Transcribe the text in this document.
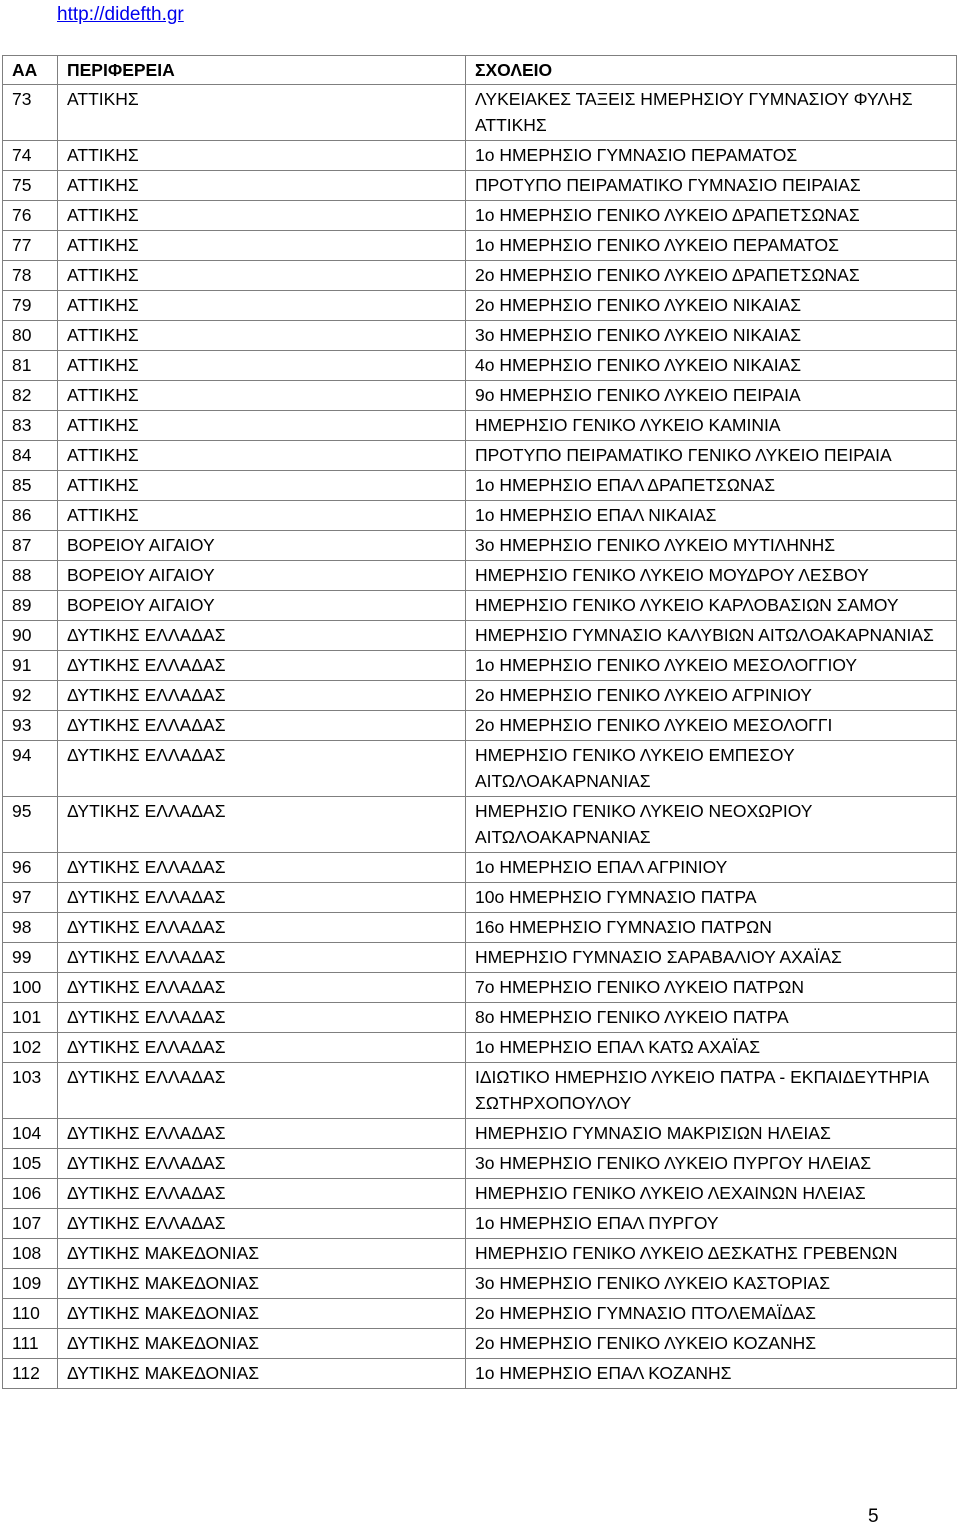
http://didefth.gr
ΑΑ	ΠΕΡΙΦΕΡΕΙΑ	ΣΧΟΛΕΙΟ
73	ΑΤΤΙΚΗΣ	ΛΥΚΕΙΑΚΕΣ ΤΑΞΕΙΣ ΗΜΕΡΗΣΙΟΥ ΓΥΜΝΑΣΙΟΥ ΦΥΛΗΣ ΑΤΤΙΚΗΣ
74	ΑΤΤΙΚΗΣ	1ο ΗΜΕΡΗΣΙΟ ΓΥΜΝΑΣΙΟ ΠΕΡΑΜΑΤΟΣ
75	ΑΤΤΙΚΗΣ	ΠΡΟΤΥΠΟ ΠΕΙΡΑΜΑΤΙΚΟ ΓΥΜΝΑΣΙΟ ΠΕΙΡΑΙΑΣ
76	ΑΤΤΙΚΗΣ	1ο ΗΜΕΡΗΣΙΟ ΓΕΝΙΚΟ ΛΥΚΕΙΟ ΔΡΑΠΕΤΣΩΝΑΣ
77	ΑΤΤΙΚΗΣ	1ο ΗΜΕΡΗΣΙΟ ΓΕΝΙΚΟ ΛΥΚΕΙΟ ΠΕΡΑΜΑΤΟΣ
78	ΑΤΤΙΚΗΣ	2ο ΗΜΕΡΗΣΙΟ ΓΕΝΙΚΟ ΛΥΚΕΙΟ ΔΡΑΠΕΤΣΩΝΑΣ
79	ΑΤΤΙΚΗΣ	2ο ΗΜΕΡΗΣΙΟ ΓΕΝΙΚΟ ΛΥΚΕΙΟ ΝΙΚΑΙΑΣ
80	ΑΤΤΙΚΗΣ	3ο ΗΜΕΡΗΣΙΟ ΓΕΝΙΚΟ ΛΥΚΕΙΟ ΝΙΚΑΙΑΣ
81	ΑΤΤΙΚΗΣ	4ο ΗΜΕΡΗΣΙΟ ΓΕΝΙΚΟ ΛΥΚΕΙΟ ΝΙΚΑΙΑΣ
82	ΑΤΤΙΚΗΣ	9ο ΗΜΕΡΗΣΙΟ ΓΕΝΙΚΟ ΛΥΚΕΙΟ ΠΕΙΡΑΙΑ
83	ΑΤΤΙΚΗΣ	ΗΜΕΡΗΣΙΟ ΓΕΝΙΚΟ ΛΥΚΕΙΟ ΚΑΜΙΝΙΑ
84	ΑΤΤΙΚΗΣ	ΠΡΟΤΥΠΟ ΠΕΙΡΑΜΑΤΙΚΟ ΓΕΝΙΚΟ ΛΥΚΕΙΟ ΠΕΙΡΑΙΑ
85	ΑΤΤΙΚΗΣ	1ο ΗΜΕΡΗΣΙΟ ΕΠΑΛ ΔΡΑΠΕΤΣΩΝΑΣ
86	ΑΤΤΙΚΗΣ	1ο ΗΜΕΡΗΣΙΟ ΕΠΑΛ ΝΙΚΑΙΑΣ
87	ΒΟΡΕΙΟΥ ΑΙΓΑΙΟΥ	3ο ΗΜΕΡΗΣΙΟ ΓΕΝΙΚΟ ΛΥΚΕΙΟ ΜΥΤΙΛΗΝΗΣ
88	ΒΟΡΕΙΟΥ ΑΙΓΑΙΟΥ	ΗΜΕΡΗΣΙΟ ΓΕΝΙΚΟ ΛΥΚΕΙΟ ΜΟΥΔΡΟΥ ΛΕΣΒΟΥ
89	ΒΟΡΕΙΟΥ ΑΙΓΑΙΟΥ	ΗΜΕΡΗΣΙΟ ΓΕΝΙΚΟ ΛΥΚΕΙΟ ΚΑΡΛΟΒΑΣΙΩΝ ΣΑΜΟΥ
90	ΔΥΤΙΚΗΣ ΕΛΛΑΔΑΣ	ΗΜΕΡΗΣΙΟ ΓΥΜΝΑΣΙΟ ΚΑΛΥΒΙΩΝ ΑΙΤΩΛΟΑΚΑΡΝΑΝΙΑΣ
91	ΔΥΤΙΚΗΣ ΕΛΛΑΔΑΣ	1ο ΗΜΕΡΗΣΙΟ ΓΕΝΙΚΟ ΛΥΚΕΙΟ ΜΕΣΟΛΟΓΓΙΟΥ
92	ΔΥΤΙΚΗΣ ΕΛΛΑΔΑΣ	2ο ΗΜΕΡΗΣΙΟ ΓΕΝΙΚΟ ΛΥΚΕΙΟ ΑΓΡΙΝΙΟΥ
93	ΔΥΤΙΚΗΣ ΕΛΛΑΔΑΣ	2ο ΗΜΕΡΗΣΙΟ ΓΕΝΙΚΟ ΛΥΚΕΙΟ ΜΕΣΟΛΟΓΓΙ
94	ΔΥΤΙΚΗΣ ΕΛΛΑΔΑΣ	ΗΜΕΡΗΣΙΟ ΓΕΝΙΚΟ ΛΥΚΕΙΟ ΕΜΠΕΣΟΥ ΑΙΤΩΛΟΑΚΑΡΝΑΝΙΑΣ
95	ΔΥΤΙΚΗΣ ΕΛΛΑΔΑΣ	ΗΜΕΡΗΣΙΟ ΓΕΝΙΚΟ ΛΥΚΕΙΟ ΝΕΟΧΩΡΙΟΥ ΑΙΤΩΛΟΑΚΑΡΝΑΝΙΑΣ
96	ΔΥΤΙΚΗΣ ΕΛΛΑΔΑΣ	1ο ΗΜΕΡΗΣΙΟ ΕΠΑΛ ΑΓΡΙΝΙΟΥ
97	ΔΥΤΙΚΗΣ ΕΛΛΑΔΑΣ	10ο ΗΜΕΡΗΣΙΟ ΓΥΜΝΑΣΙΟ ΠΑΤΡΑ
98	ΔΥΤΙΚΗΣ ΕΛΛΑΔΑΣ	16ο ΗΜΕΡΗΣΙΟ ΓΥΜΝΑΣΙΟ ΠΑΤΡΩΝ
99	ΔΥΤΙΚΗΣ ΕΛΛΑΔΑΣ	ΗΜΕΡΗΣΙΟ ΓΥΜΝΑΣΙΟ ΣΑΡΑΒΑΛΙΟΥ ΑΧΑΪΑΣ
100	ΔΥΤΙΚΗΣ ΕΛΛΑΔΑΣ	7ο ΗΜΕΡΗΣΙΟ ΓΕΝΙΚΟ ΛΥΚΕΙΟ ΠΑΤΡΩΝ
101	ΔΥΤΙΚΗΣ ΕΛΛΑΔΑΣ	8ο ΗΜΕΡΗΣΙΟ ΓΕΝΙΚΟ ΛΥΚΕΙΟ ΠΑΤΡΑ
102	ΔΥΤΙΚΗΣ ΕΛΛΑΔΑΣ	1ο ΗΜΕΡΗΣΙΟ ΕΠΑΛ ΚΑΤΩ ΑΧΑΪΑΣ
103	ΔΥΤΙΚΗΣ ΕΛΛΑΔΑΣ	ΙΔΙΩΤΙΚΟ ΗΜΕΡΗΣΙΟ ΛΥΚΕΙΟ ΠΑΤΡΑ - ΕΚΠΑΙΔΕΥΤΗΡΙΑ ΣΩΤΗΡΧΟΠΟΥΛΟΥ
104	ΔΥΤΙΚΗΣ ΕΛΛΑΔΑΣ	ΗΜΕΡΗΣΙΟ ΓΥΜΝΑΣΙΟ ΜΑΚΡΙΣΙΩΝ ΗΛΕΙΑΣ
105	ΔΥΤΙΚΗΣ ΕΛΛΑΔΑΣ	3ο ΗΜΕΡΗΣΙΟ ΓΕΝΙΚΟ ΛΥΚΕΙΟ ΠΥΡΓΟΥ ΗΛΕΙΑΣ
106	ΔΥΤΙΚΗΣ ΕΛΛΑΔΑΣ	ΗΜΕΡΗΣΙΟ ΓΕΝΙΚΟ ΛΥΚΕΙΟ ΛΕΧΑΙΝΩΝ ΗΛΕΙΑΣ
107	ΔΥΤΙΚΗΣ ΕΛΛΑΔΑΣ	1ο ΗΜΕΡΗΣΙΟ ΕΠΑΛ ΠΥΡΓΟΥ
108	ΔΥΤΙΚΗΣ ΜΑΚΕΔΟΝΙΑΣ	ΗΜΕΡΗΣΙΟ ΓΕΝΙΚΟ ΛΥΚΕΙΟ ΔΕΣΚΑΤΗΣ ΓΡΕΒΕΝΩΝ
109	ΔΥΤΙΚΗΣ ΜΑΚΕΔΟΝΙΑΣ	3ο ΗΜΕΡΗΣΙΟ ΓΕΝΙΚΟ ΛΥΚΕΙΟ ΚΑΣΤΟΡΙΑΣ
110	ΔΥΤΙΚΗΣ ΜΑΚΕΔΟΝΙΑΣ	2ο ΗΜΕΡΗΣΙΟ ΓΥΜΝΑΣΙΟ ΠΤΟΛΕΜΑΪΔΑΣ
111	ΔΥΤΙΚΗΣ ΜΑΚΕΔΟΝΙΑΣ	2ο ΗΜΕΡΗΣΙΟ ΓΕΝΙΚΟ ΛΥΚΕΙΟ ΚΟΖΑΝΗΣ
112	ΔΥΤΙΚΗΣ ΜΑΚΕΔΟΝΙΑΣ	1ο ΗΜΕΡΗΣΙΟ ΕΠΑΛ ΚΟΖΑΝΗΣ
5
